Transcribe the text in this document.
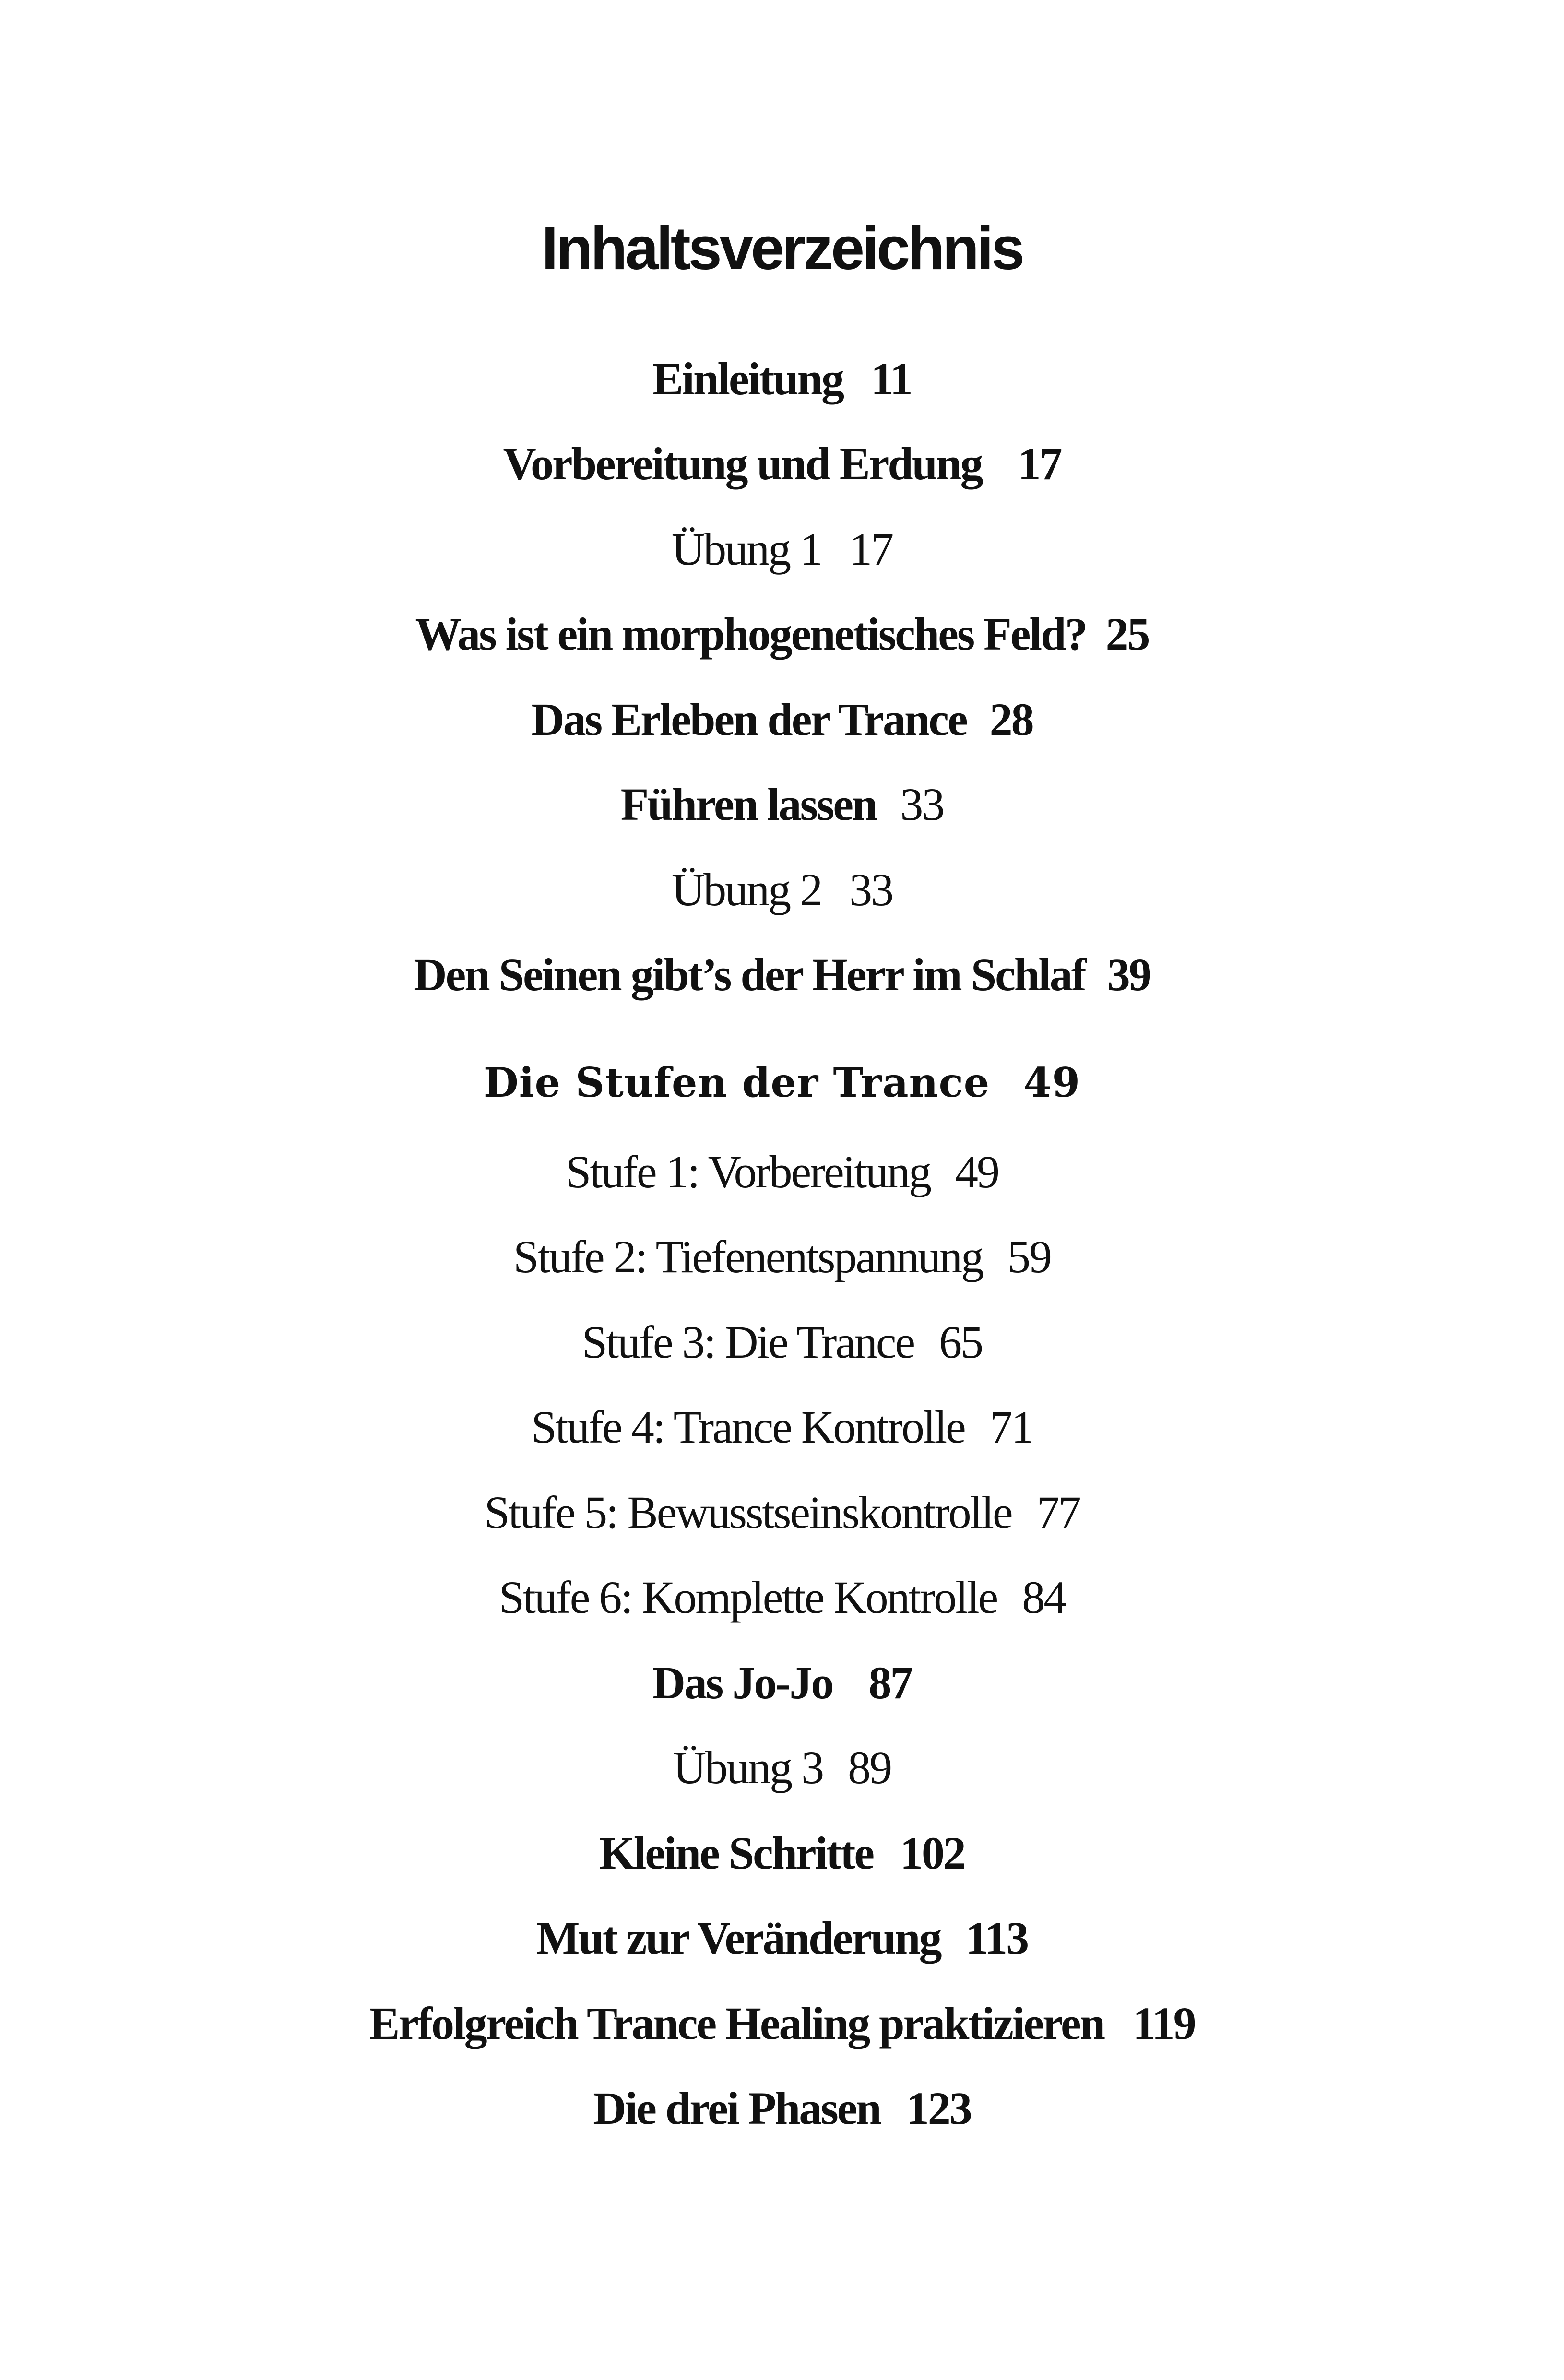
Inhaltsverzeichnis
Einleitung 11
Vorbereitung und Erdung 17
Übung 1 17
Was ist ein morphogenetisches Feld? 25
Das Erleben der Trance 28
Führen lassen 33
Übung 2 33
Den Seinen gibt’s der Herr im Schlaf 39
Die Stufen der Trance 49
Stufe 1: Vorbereitung 49
Stufe 2: Tiefenentspannung 59
Stufe 3: Die Trance 65
Stufe 4: Trance Kontrolle 71
Stufe 5: Bewusstseinskontrolle 77
Stufe 6: Komplette Kontrolle 84
Das Jo-Jo 87
Übung 3 89
Kleine Schritte 102
Mut zur Veränderung 113
Erfolgreich Trance Healing praktizieren 119
Die drei Phasen 123
